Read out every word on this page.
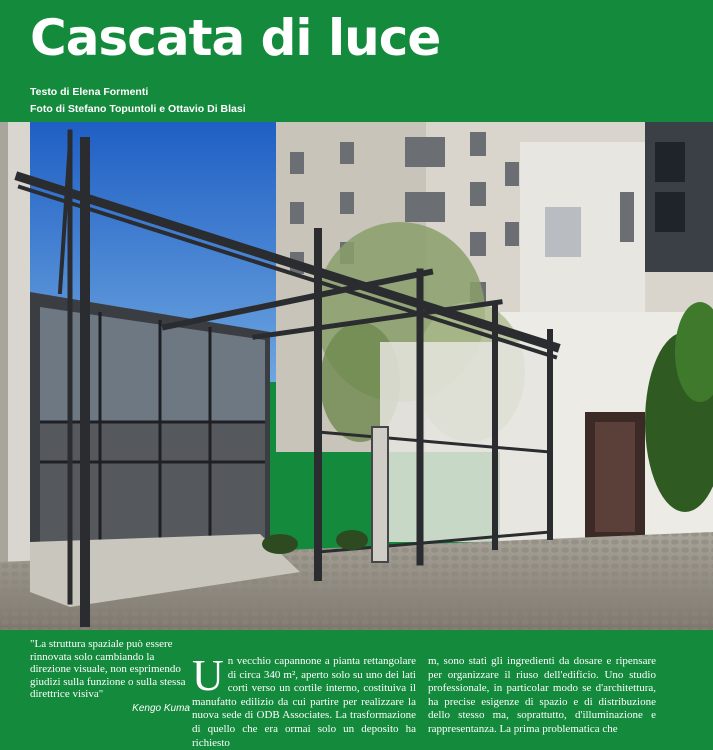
Cascata di luce
Testo di Elena Formenti
Foto di Stefano Topuntoli e Ottavio Di Blasi
"La struttura spaziale può essere rinnovata solo cambiando la direzione visuale, non esprimendo giudizi sulla funzione o sulla stessa direttrice visiva"
Kengo Kuma
Un vecchio capannone a pianta rettangolare di circa 340 m², aperto solo su uno dei lati corti verso un cortile interno, costituiva il manufatto edilizio da cui partire per realizzare la nuova sede di ODB Associates. La trasformazione di quello che era ormai solo un deposito ha richiesto
m, sono stati gli ingredienti da dosare e ripensare per organizzare il riuso dell'edificio. Uno studio professionale, in particolar modo se d'architettura, ha precise esigenze di spazio e di distribuzione dello stesso ma, soprattutto, d'illuminazione e rappresentanza. La prima problematica che
